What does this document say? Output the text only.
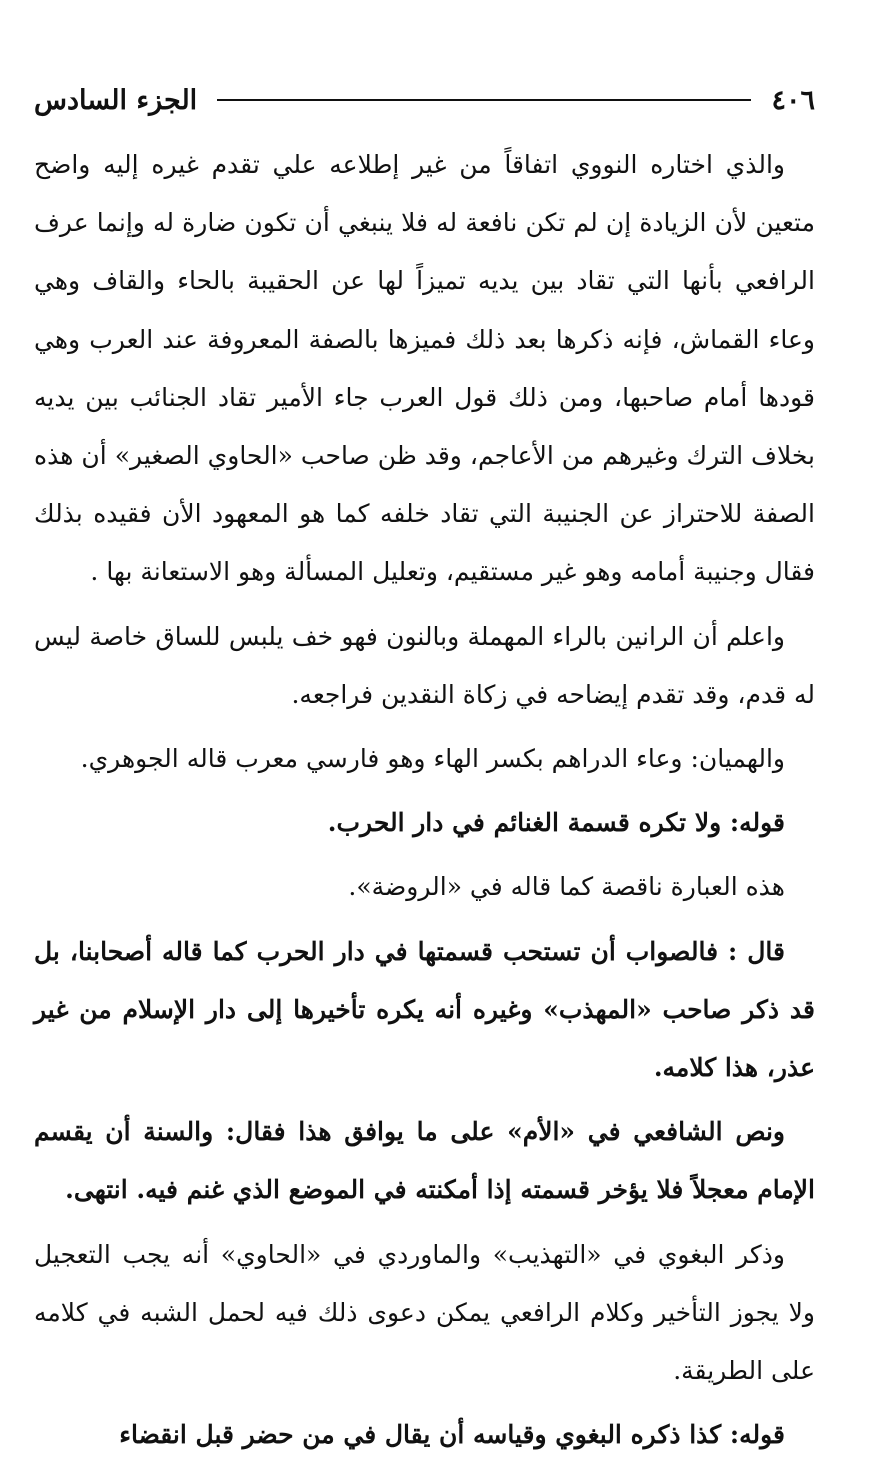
٤٠٦
الجزء السادس

والذي اختاره النووي اتفاقاً من غير إطلاعه علي تقدم غيره إليه واضح متعين لأن الزيادة إن لم تكن نافعة له فلا ينبغي أن تكون ضارة له وإنما عرف الرافعي بأنها التي تقاد بين يديه تميزاً لها عن الحقيبة بالحاء والقاف وهي وعاء القماش، فإنه ذكرها بعد ذلك فميزها بالصفة المعروفة عند العرب وهي قودها أمام صاحبها، ومن ذلك قول العرب جاء الأمير تقاد الجنائب بين يديه بخلاف الترك وغيرهم من الأعاجم، وقد ظن صاحب «الحاوي الصغير» أن هذه الصفة للاحتراز عن الجنيبة التي تقاد خلفه كما هو المعهود الأن فقيده بذلك فقال وجنيبة أمامه وهو غير مستقيم، وتعليل المسألة وهو الاستعانة بها .

واعلم أن الرانين بالراء المهملة وبالنون فهو خف يلبس للساق خاصة ليس له قدم، وقد تقدم إيضاحه في زكاة النقدين فراجعه.

والهميان: وعاء الدراهم بكسر الهاء وهو فارسي معرب قاله الجوهري.

قوله: ولا تكره قسمة الغنائم في دار الحرب.

هذه العبارة ناقصة كما قاله في «الروضة».

قال : فالصواب أن تستحب قسمتها في دار الحرب كما قاله أصحابنا، بل قد ذكر صاحب «المهذب» وغيره أنه يكره تأخيرها إلى دار الإسلام من غير عذر، هذا كلامه.

ونص الشافعي في «الأم» على ما يوافق هذا فقال: والسنة أن يقسم الإمام معجلاً فلا يؤخر قسمته إذا أمكنته في الموضع الذي غنم فيه. انتهى.

وذكر البغوي في «التهذيب» والماوردي في «الحاوي» أنه يجب التعجيل ولا يجوز التأخير وكلام الرافعي يمكن دعوى ذلك فيه لحمل الشبه في كلامه على الطريقة.

قوله: كذا ذكره البغوي وقياسه أن يقال في من حضر قبل انقضاء
